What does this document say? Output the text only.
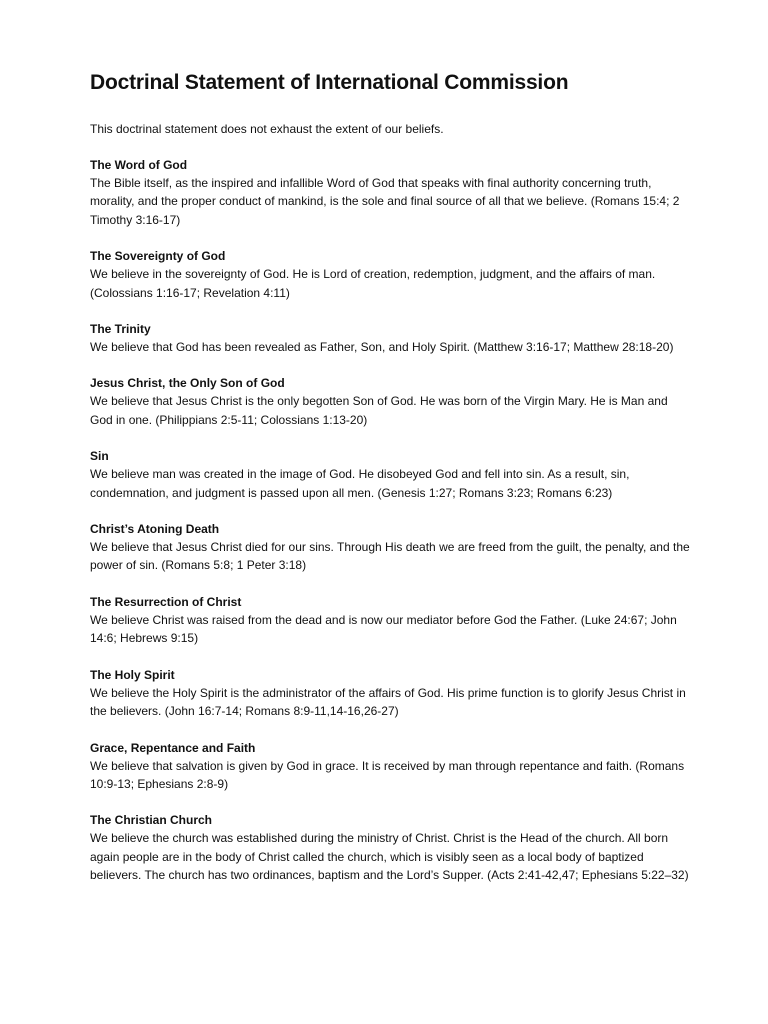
Doctrinal Statement of International Commission

This doctrinal statement does not exhaust the extent of our beliefs.

The Word of God

The Bible itself, as the inspired and infallible Word of God that speaks with final authority concerning truth, morality, and the proper conduct of mankind, is the sole and final source of all that we believe. (Romans 15:4; 2 Timothy 3:16-17)

The Sovereignty of God

We believe in the sovereignty of God. He is Lord of creation, redemption, judgment, and the affairs of man. (Colossians 1:16-17; Revelation 4:11)

The Trinity

We believe that God has been revealed as Father, Son, and Holy Spirit. (Matthew 3:16-17; Matthew 28:18-20)

Jesus Christ, the Only Son of God

We believe that Jesus Christ is the only begotten Son of God. He was born of the Virgin Mary. He is Man and God in one. (Philippians 2:5-11; Colossians 1:13-20)

Sin

We believe man was created in the image of God. He disobeyed God and fell into sin. As a result, sin, condemnation, and judgment is passed upon all men. (Genesis 1:27; Romans 3:23; Romans 6:23)

Christ’s Atoning Death

We believe that Jesus Christ died for our sins. Through His death we are freed from the guilt, the penalty, and the power of sin. (Romans 5:8; 1 Peter 3:18)

The Resurrection of Christ

We believe Christ was raised from the dead and is now our mediator before God the Father. (Luke 24:67; John 14:6; Hebrews 9:15)

The Holy Spirit

We believe the Holy Spirit is the administrator of the affairs of God. His prime function is to glorify Jesus Christ in the believers. (John 16:7-14; Romans 8:9-11,14-16,26-27)

Grace, Repentance and Faith

We believe that salvation is given by God in grace. It is received by man through repentance and faith. (Romans 10:9-13; Ephesians 2:8-9)

The Christian Church

We believe the church was established during the ministry of Christ. Christ is the Head of the church. All born again people are in the body of Christ called the church, which is visibly seen as a local body of baptized believers. The church has two ordinances, baptism and the Lord’s Supper. (Acts 2:41-42,47; Ephesians 5:22–32)
